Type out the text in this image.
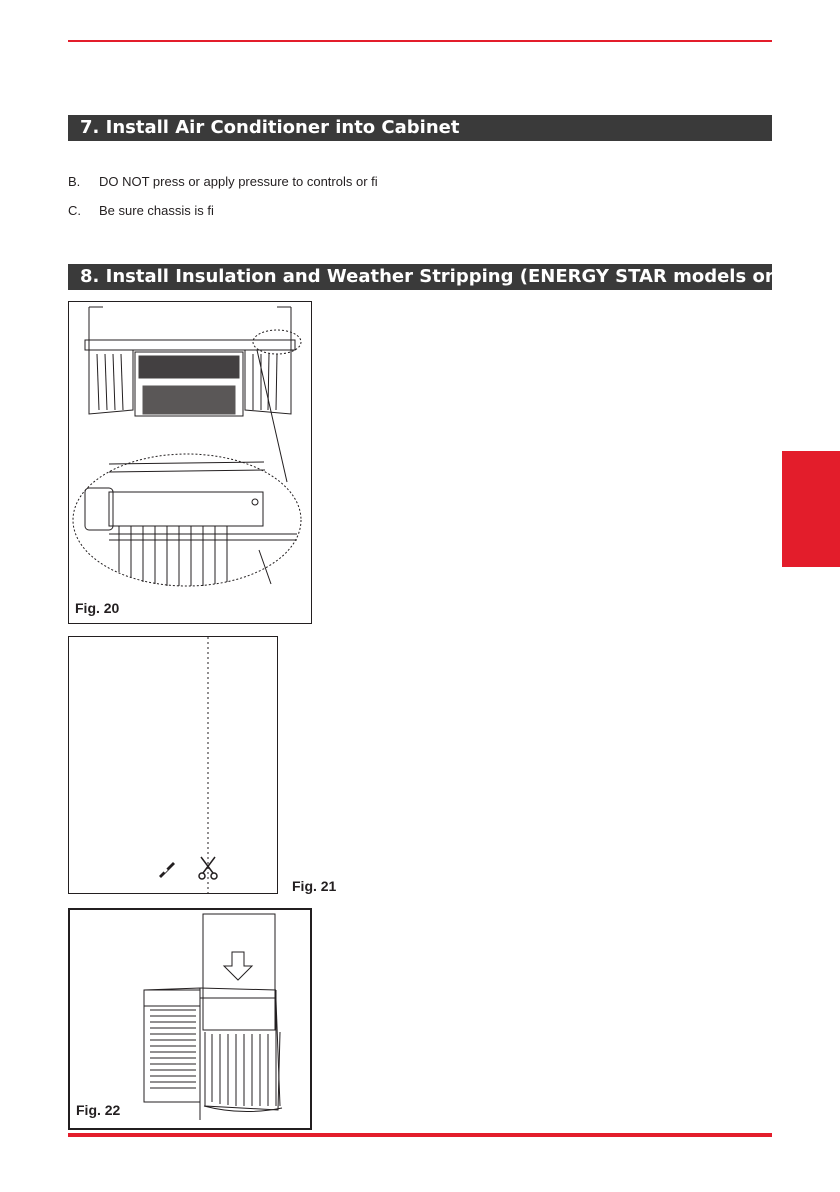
7. Install Air Conditioner into Cabinet
B. DO NOT press or apply pressure to controls or fi
C. Be sure chassis is fi
8. Install Insulation and Weather Stripping (ENERGY STAR models only)
Fig. 20
Fig. 21
Fig. 22
